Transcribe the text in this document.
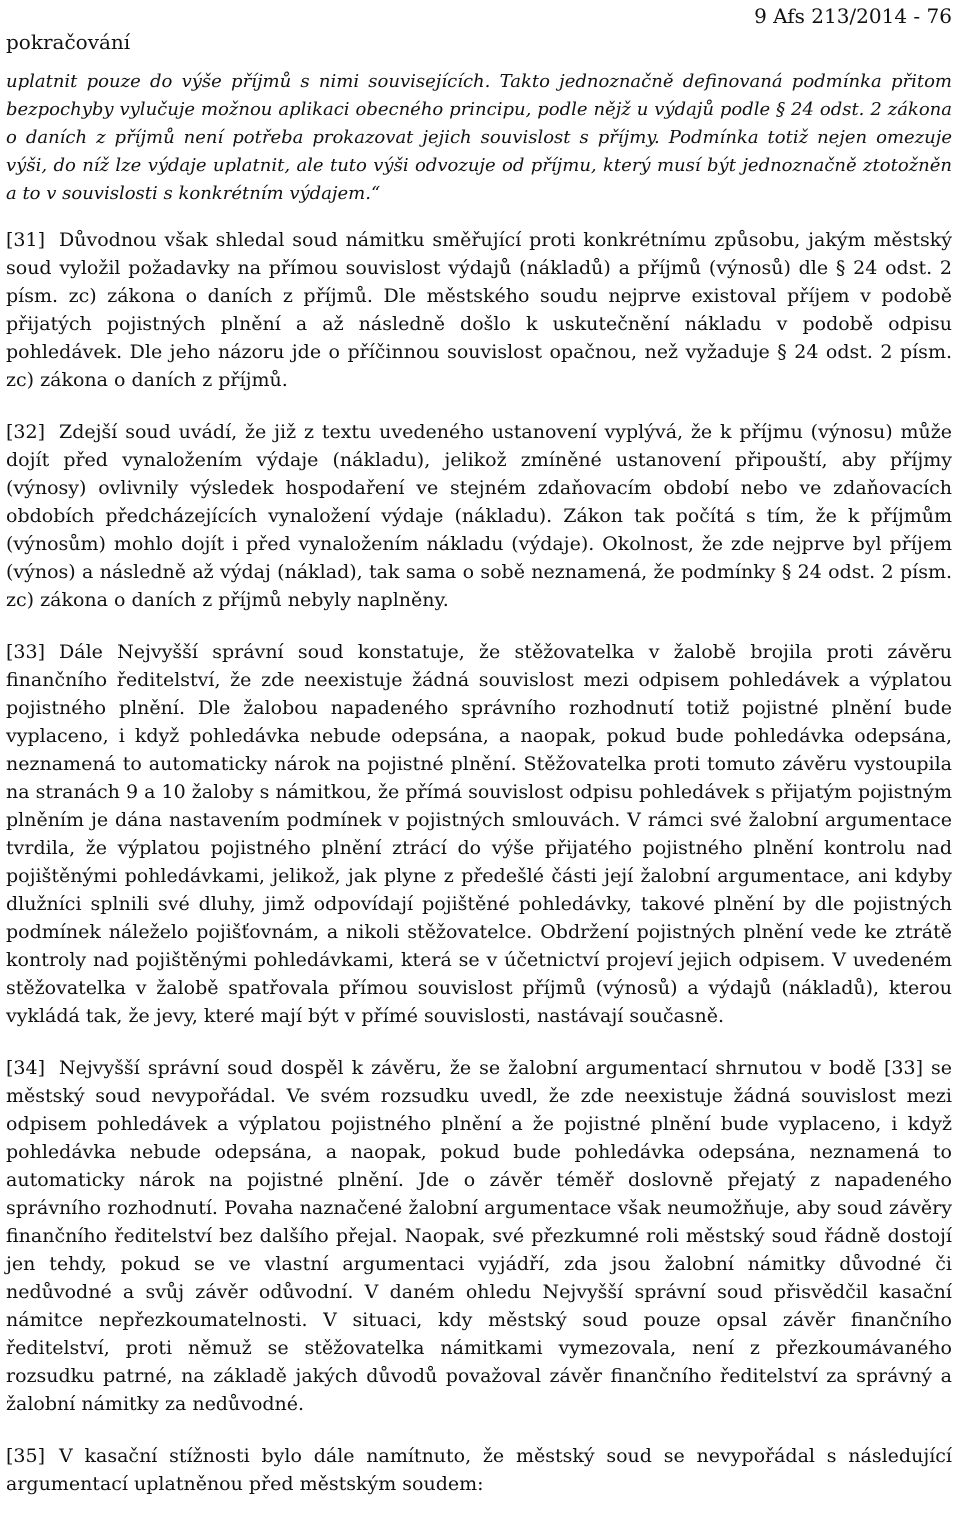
pokračování
9 Afs 213/2014 - 76

uplatnit pouze do výše příjmů s nimi souvisejících. Takto jednoznačně definovaná podmínka přitom bezpochyby vylučuje možnou aplikaci obecného principu, podle nějž u výdajů podle § 24 odst. 2 zákona o daních z příjmů není potřeba prokazovat jejich souvislost s příjmy. Podmínka totiž nejen omezuje výši, do níž lze výdaje uplatnit, ale tuto výši odvozuje od příjmu, který musí být jednoznačně ztotožněn a to v souvislosti s konkrétním výdajem.“

[31] Důvodnou však shledal soud námitku směřující proti konkrétnímu způsobu, jakým městský soud vyložil požadavky na přímou souvislost výdajů (nákladů) a příjmů (výnosů) dle § 24 odst. 2 písm. zc) zákona o daních z příjmů. Dle městského soudu nejprve existoval příjem v podobě přijatých pojistných plnění a až následně došlo k uskutečnění nákladu v podobě odpisu pohledávek. Dle jeho názoru jde o příčinnou souvislost opačnou, než vyžaduje § 24 odst. 2 písm. zc) zákona o daních z příjmů.

[32] Zdejší soud uvádí, že již z textu uvedeného ustanovení vyplývá, že k příjmu (výnosu) může dojít před vynaložením výdaje (nákladu), jelikož zmíněné ustanovení připouští, aby příjmy (výnosy) ovlivnily výsledek hospodaření ve stejném zdaňovacím období nebo ve zdaňovacích obdobích předcházejících vynaložení výdaje (nákladu). Zákon tak počítá s tím, že k příjmům (výnosům) mohlo dojít i před vynaložením nákladu (výdaje). Okolnost, že zde nejprve byl příjem (výnos) a následně až výdaj (náklad), tak sama o sobě neznamená, že podmínky § 24 odst. 2 písm. zc) zákona o daních z příjmů nebyly naplněny.

[33] Dále Nejvyšší správní soud konstatuje, že stěžovatelka v žalobě brojila proti závěru finančního ředitelství, že zde neexistuje žádná souvislost mezi odpisem pohledávek a výplatou pojistného plnění. Dle žalobou napadeného správního rozhodnutí totiž pojistné plnění bude vyplaceno, i když pohledávka nebude odepsána, a naopak, pokud bude pohledávka odepsána, neznamená to automaticky nárok na pojistné plnění. Stěžovatelka proti tomuto závěru vystoupila na stranách 9 a 10 žaloby s námitkou, že přímá souvislost odpisu pohledávek s přijatým pojistným plněním je dána nastavením podmínek v pojistných smlouvách. V rámci své žalobní argumentace tvrdila, že výplatou pojistného plnění ztrácí do výše přijatého pojistného plnění kontrolu nad pojištěnými pohledávkami, jelikož, jak plyne z předešlé části její žalobní argumentace, ani kdyby dlužníci splnili své dluhy, jimž odpovídají pojištěné pohledávky, takové plnění by dle pojistných podmínek náleželo pojišťovnám, a nikoli stěžovatelce. Obdržení pojistných plnění vede ke ztrátě kontroly nad pojištěnými pohledávkami, která se v účetnictví projeví jejich odpisem. V uvedeném stěžovatelka v žalobě spatřovala přímou souvislost příjmů (výnosů) a výdajů (nákladů), kterou vykládá tak, že jevy, které mají být v přímé souvislosti, nastávají současně.

[34] Nejvyšší správní soud dospěl k závěru, že se žalobní argumentací shrnutou v bodě [33] se městský soud nevypořádal. Ve svém rozsudku uvedl, že zde neexistuje žádná souvislost mezi odpisem pohledávek a výplatou pojistného plnění a že pojistné plnění bude vyplaceno, i když pohledávka nebude odepsána, a naopak, pokud bude pohledávka odepsána, neznamená to automaticky nárok na pojistné plnění. Jde o závěr téměř doslovně přejatý z napadeného správního rozhodnutí. Povaha naznačené žalobní argumentace však neumožňuje, aby soud závěry finančního ředitelství bez dalšího přejal. Naopak, své přezkumné roli městský soud řádně dostojí jen tehdy, pokud se ve vlastní argumentaci vyjádří, zda jsou žalobní námitky důvodné či nedůvodné a svůj závěr odůvodní. V daném ohledu Nejvyšší správní soud přisvědčil kasační námitce nepřezkoumatelnosti. V situaci, kdy městský soud pouze opsal závěr finančního ředitelství, proti němuž se stěžovatelka námitkami vymezovala, není z přezkoumávaného rozsudku patrné, na základě jakých důvodů považoval závěr finančního ředitelství za správný a žalobní námitky za nedůvodné.

[35] V kasační stížnosti bylo dále namítnuto, že městský soud se nevypořádal s následující argumentací uplatněnou před městským soudem:
